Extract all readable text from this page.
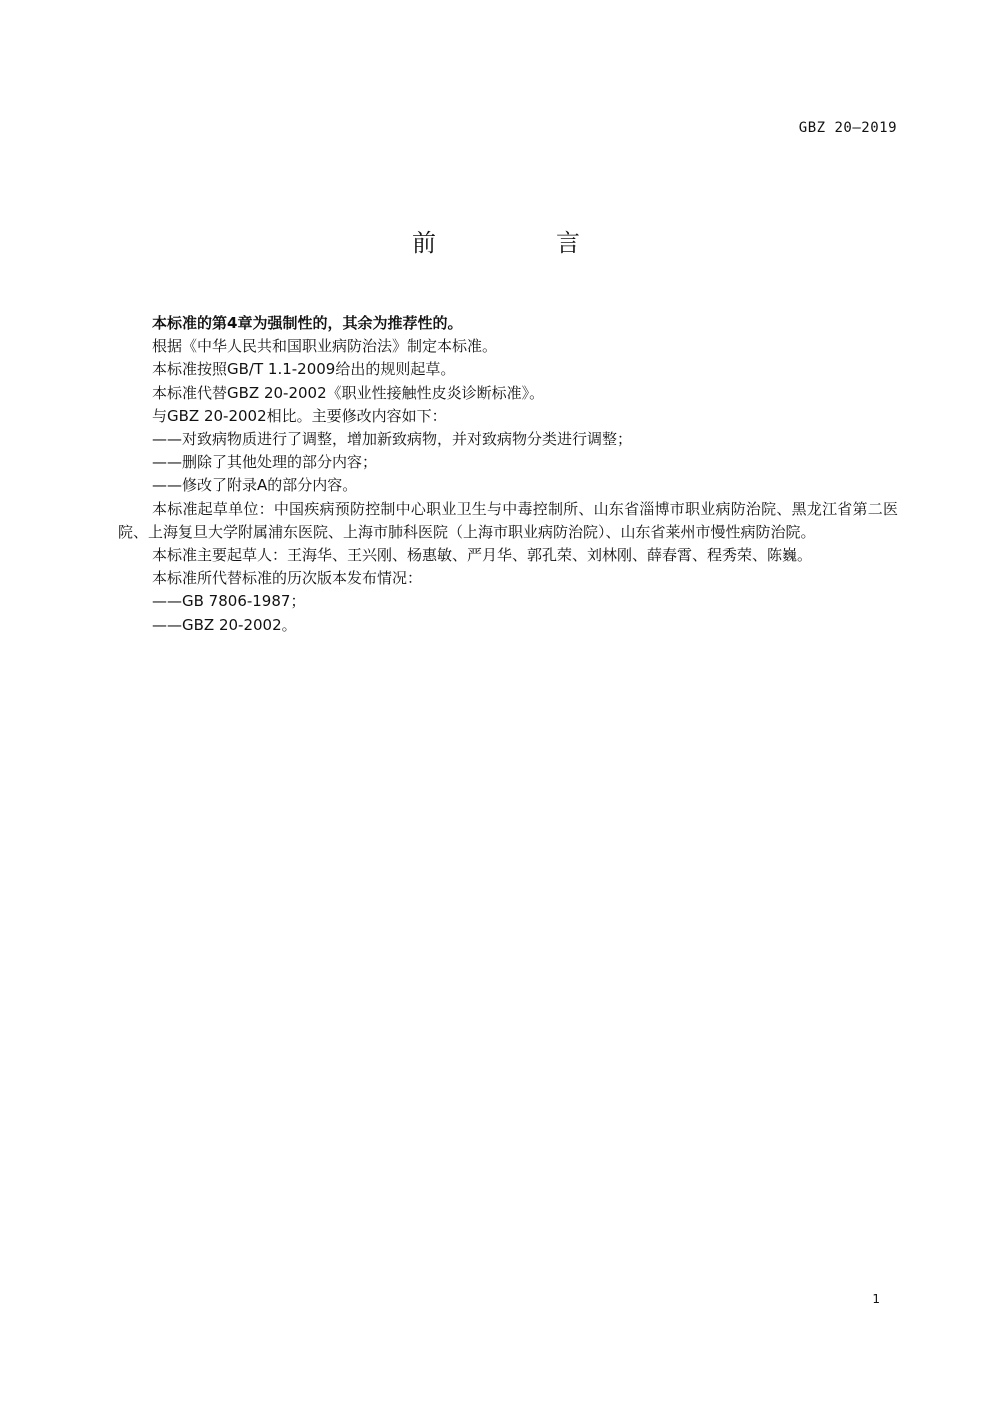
GBZ 20—2019
前　言

本标准的第4章为强制性的，其余为推荐性的。

根据《中华人民共和国职业病防治法》制定本标准。

本标准按照GB/T 1.1-2009给出的规则起草。

本标准代替GBZ 20-2002《职业性接触性皮炎诊断标准》。

与GBZ 20-2002相比。主要修改内容如下：

——对致病物质进行了调整，增加新致病物，并对致病物分类进行调整；

——删除了其他处理的部分内容；

——修改了附录A的部分内容。

本标准起草单位：中国疾病预防控制中心职业卫生与中毒控制所、山东省淄博市职业病防治院、黑龙江省第二医院、上海复旦大学附属浦东医院、上海市肺科医院（上海市职业病防治院）、山东省莱州市慢性病防治院。

本标准主要起草人：王海华、王兴刚、杨惠敏、严月华、郭孔荣、刘林刚、薛春霄、程秀荣、陈巍。

本标准所代替标准的历次版本发布情况：

——GB 7806-1987；

——GBZ 20-2002。

1
